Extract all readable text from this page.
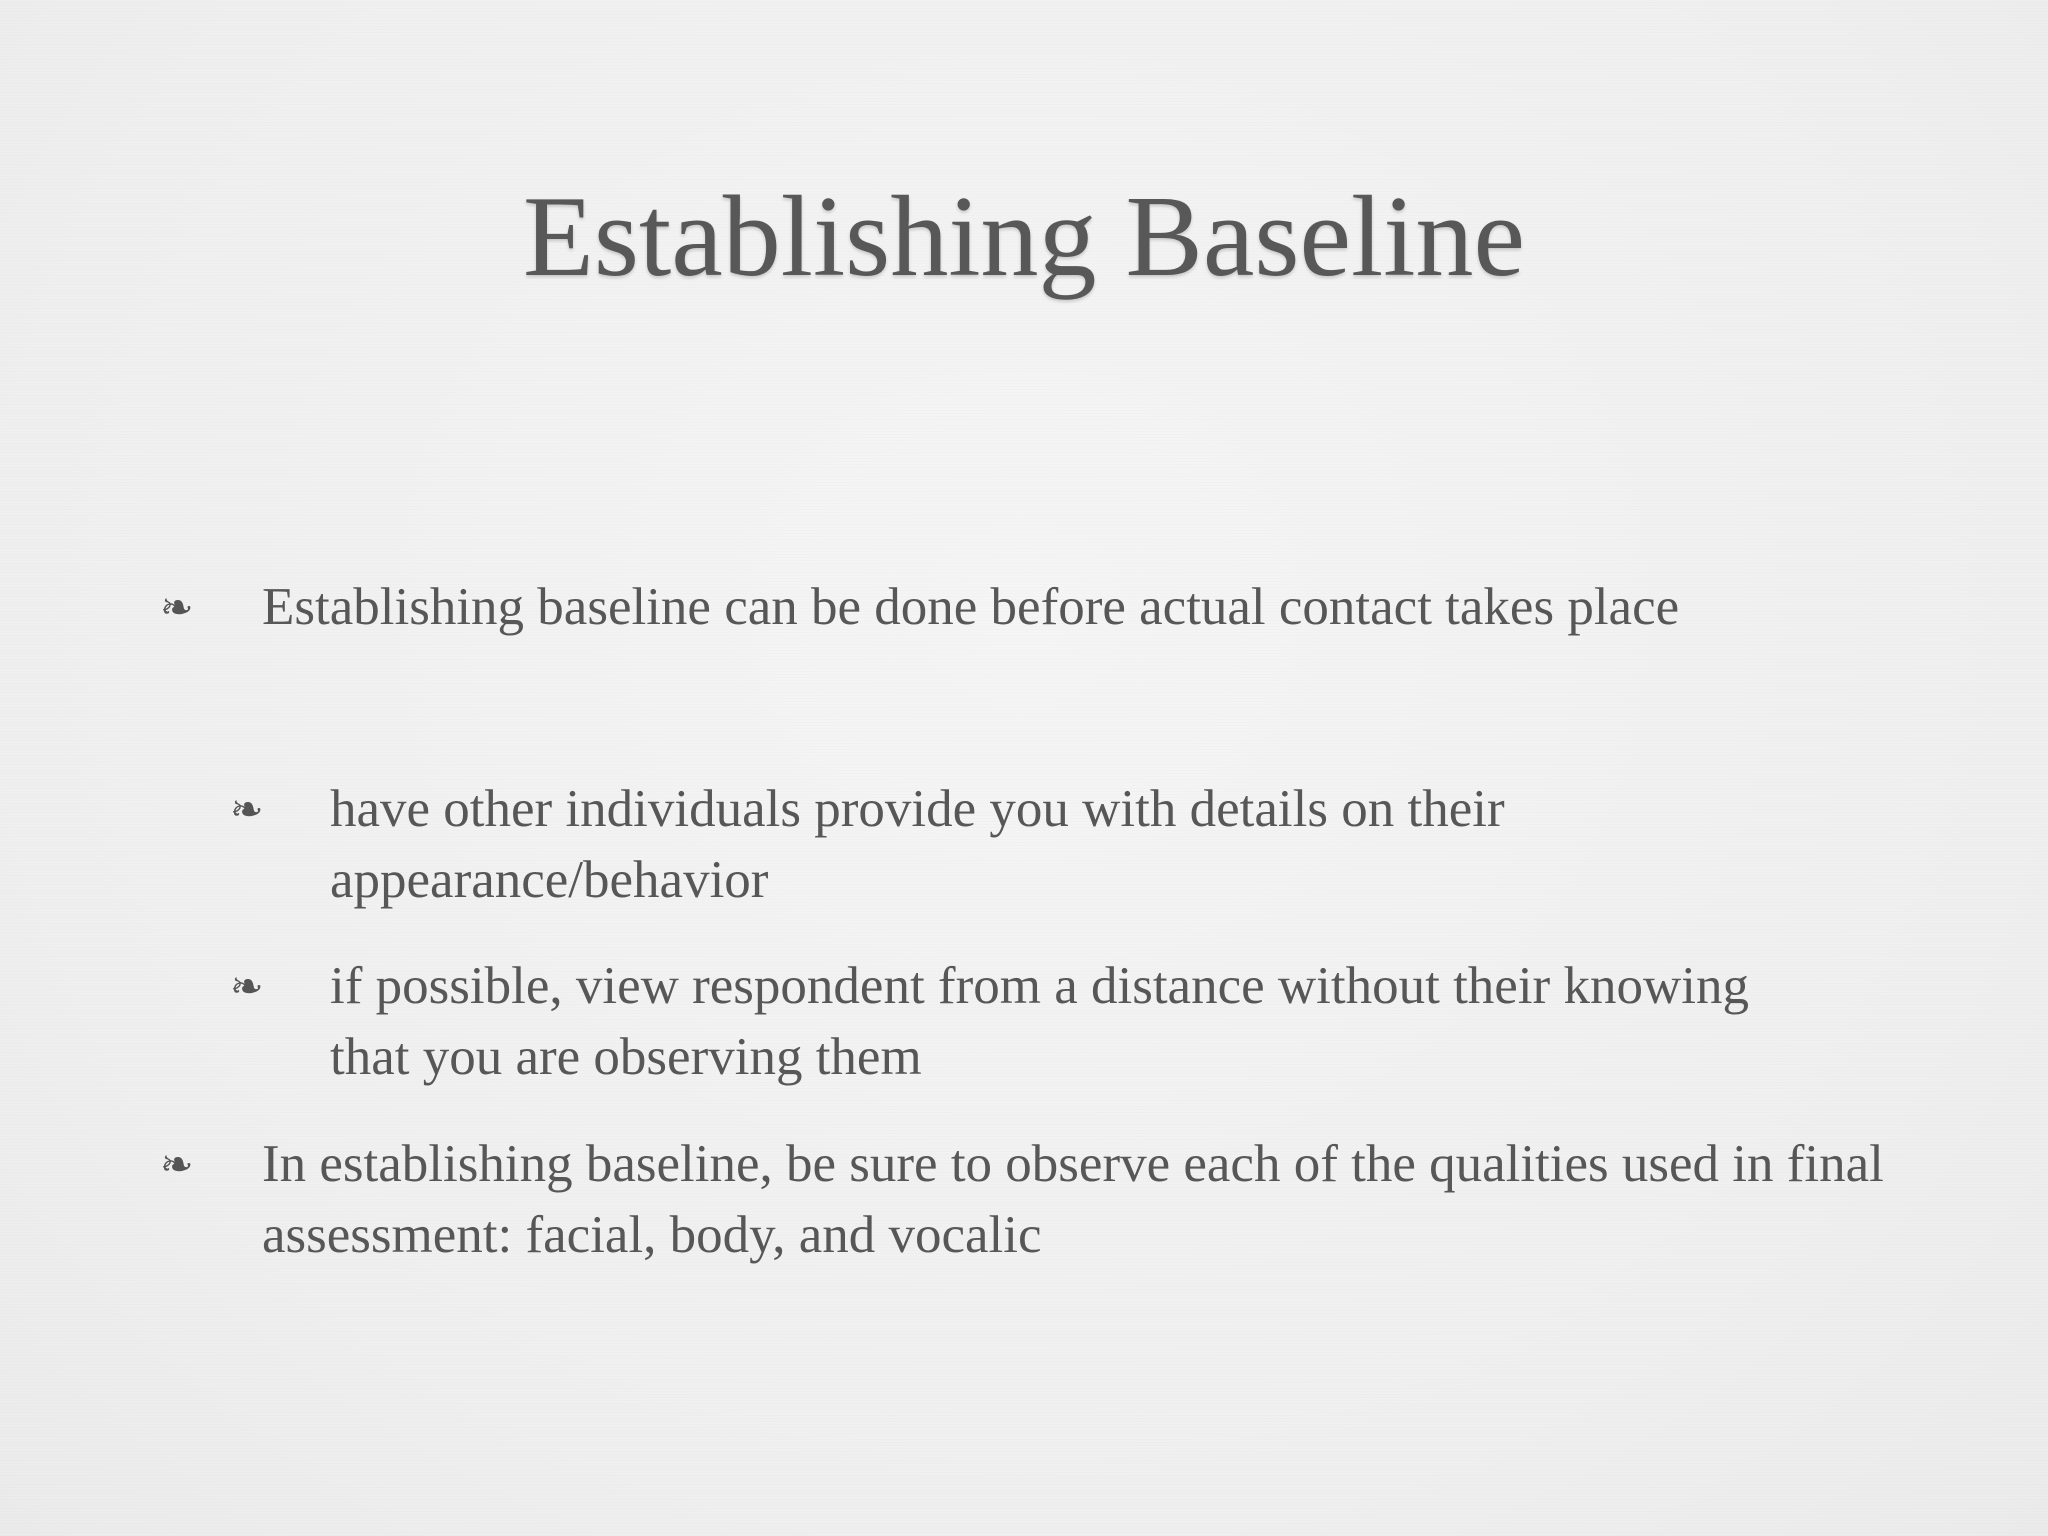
Establishing Baseline
❧ Establishing baseline can be done before actual contact takes place
❧ have other individuals provide you with details on their appearance/behavior
❧ if possible, view respondent from a distance without their knowing that you are observing them
❧ In establishing baseline, be sure to observe each of the qualities used in final assessment: facial, body, and vocalic
